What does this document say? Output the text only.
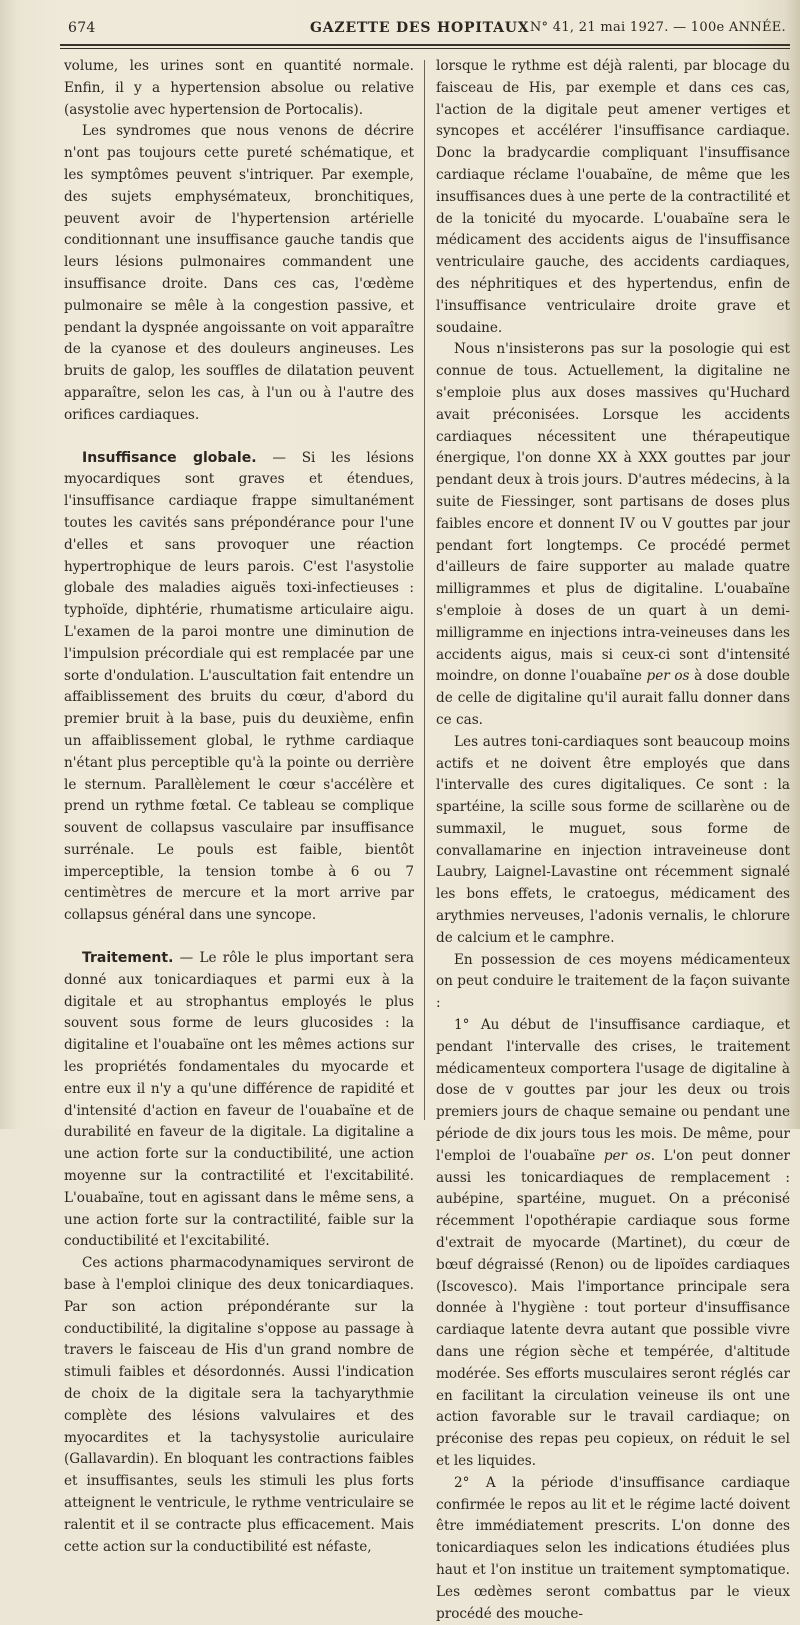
674	GAZETTE DES HOPITAUX N° 41, 21 mai 1927. — 100e ANNÉE.

volume, les urines sont en quantité normale. Enfin, il y a hypertension absolue ou relative (asystolie avec hypertension de Portocalis).

Les syndromes que nous venons de décrire n'ont pas toujours cette pureté schématique, et les symptômes peuvent s'intriquer. Par exemple, des sujets emphysémateux, bronchitiques, peuvent avoir de l'hypertension artérielle conditionnant une insuffisance gauche tandis que leurs lésions pulmonaires commandent une insuffisance droite. Dans ces cas, l'œdème pulmonaire se mêle à la congestion passive, et pendant la dyspnée angoissante on voit apparaître de la cyanose et des douleurs angineuses. Les bruits de galop, les souffles de dilatation peuvent apparaître, selon les cas, à l'un ou à l'autre des orifices cardiaques.

Insuffisance globale. — Si les lésions myocardiques sont graves et étendues, l'insuffisance cardiaque frappe simultanément toutes les cavités sans prépondérance pour l'une d'elles et sans provoquer une réaction hypertrophique de leurs parois. C'est l'asystolie globale des maladies aiguës toxi-infectieuses : typhoïde, diphtérie, rhumatisme articulaire aigu. L'examen de la paroi montre une diminution de l'impulsion précordiale qui est remplacée par une sorte d'ondulation. L'auscultation fait entendre un affaiblissement des bruits du cœur, d'abord du premier bruit à la base, puis du deuxième, enfin un affaiblissement global, le rythme cardiaque n'étant plus perceptible qu'à la pointe ou derrière le sternum. Parallèlement le cœur s'accélère et prend un rythme fœtal. Ce tableau se complique souvent de collapsus vasculaire par insuffisance surrénale. Le pouls est faible, bientôt imperceptible, la tension tombe à 6 ou 7 centimètres de mercure et la mort arrive par collapsus général dans une syncope.

Traitement. — Le rôle le plus important sera donné aux tonicardiaques et parmi eux à la digitale et au strophantus employés le plus souvent sous forme de leurs glucosides : la digitaline et l'ouabaïne ont les mêmes actions sur les propriétés fondamentales du myocarde et entre eux il n'y a qu'une différence de rapidité et d'intensité d'action en faveur de l'ouabaïne et de durabilité en faveur de la digitale. La digitaline a une action forte sur la conductibilité, une action moyenne sur la contractilité et l'excitabilité. L'ouabaïne, tout en agissant dans le même sens, a une action forte sur la contractilité, faible sur la conductibilité et l'excitabilité.

Ces actions pharmacodynamiques serviront de base à l'emploi clinique des deux tonicardiaques. Par son action prépondérante sur la conductibilité, la digitaline s'oppose au passage à travers le faisceau de His d'un grand nombre de stimuli faibles et désordonnés. Aussi l'indication de choix de la digitale sera la tachyarythmie complète des lésions valvulaires et des myocardites et la tachysystolie auriculaire (Gallavardin). En bloquant les contractions faibles et insuffisantes, seuls les stimuli les plus forts atteignent le ventricule, le rythme ventriculaire se ralentit et il se contracte plus efficacement. Mais cette action sur la conductibilité est néfaste,

lorsque le rythme est déjà ralenti, par blocage du faisceau de His, par exemple et dans ces cas, l'action de la digitale peut amener vertiges et syncopes et accélérer l'insuffisance cardiaque. Donc la bradycardie compliquant l'insuffisance cardiaque réclame l'ouabaïne, de même que les insuffisances dues à une perte de la contractilité et de la tonicité du myocarde. L'ouabaïne sera le médicament des accidents aigus de l'insuffisance ventriculaire gauche, des accidents cardiaques, des néphritiques et des hypertendus, enfin de l'insuffisance ventriculaire droite grave et soudaine.

Nous n'insisterons pas sur la posologie qui est connue de tous. Actuellement, la digitaline ne s'emploie plus aux doses massives qu'Huchard avait préconisées. Lorsque les accidents cardiaques nécessitent une thérapeutique énergique, l'on donne XX à XXX gouttes par jour pendant deux à trois jours. D'autres médecins, à la suite de Fiessinger, sont partisans de doses plus faibles encore et donnent IV ou V gouttes par jour pendant fort longtemps. Ce procédé permet d'ailleurs de faire supporter au malade quatre milligrammes et plus de digitaline. L'ouabaïne s'emploie à doses de un quart à un demi-milligramme en injections intra-veineuses dans les accidents aigus, mais si ceux-ci sont d'intensité moindre, on donne l'ouabaïne per os à dose double de celle de digitaline qu'il aurait fallu donner dans ce cas.

Les autres toni-cardiaques sont beaucoup moins actifs et ne doivent être employés que dans l'intervalle des cures digitaliques. Ce sont : la spartéine, la scille sous forme de scillarène ou de summaxil, le muguet, sous forme de convallamarine en injection intraveineuse dont Laubry, Laignel-Lavastine ont récemment signalé les bons effets, le cratoegus, médicament des arythmies nerveuses, l'adonis vernalis, le chlorure de calcium et le camphre.

En possession de ces moyens médicamenteux on peut conduire le traitement de la façon suivante :

1° Au début de l'insuffisance cardiaque, et pendant l'intervalle des crises, le traitement médicamenteux comportera l'usage de digitaline à dose de v gouttes par jour les deux ou trois premiers jours de chaque semaine ou pendant une période de dix jours tous les mois. De même, pour l'emploi de l'ouabaïne per os. L'on peut donner aussi les tonicardiaques de remplacement : aubépine, spartéine, muguet. On a préconisé récemment l'opothérapie cardiaque sous forme d'extrait de myocarde (Martinet), du cœur de bœuf dégraissé (Renon) ou de lipoïdes cardiaques (Iscovesco). Mais l'importance principale sera donnée à l'hygiène : tout porteur d'insuffisance cardiaque latente devra autant que possible vivre dans une région sèche et tempérée, d'altitude modérée. Ses efforts musculaires seront réglés car en facilitant la circulation veineuse ils ont une action favorable sur le travail cardiaque; on préconise des repas peu copieux, on réduit le sel et les liquides.

2° A la période d'insuffisance cardiaque confirmée le repos au lit et le régime lacté doivent être immédiatement prescrits. L'on donne des tonicardiaques selon les indications étudiées plus haut et l'on institue un traitement symptomatique. Les œdèmes seront combattus par le vieux procédé des mouche-
